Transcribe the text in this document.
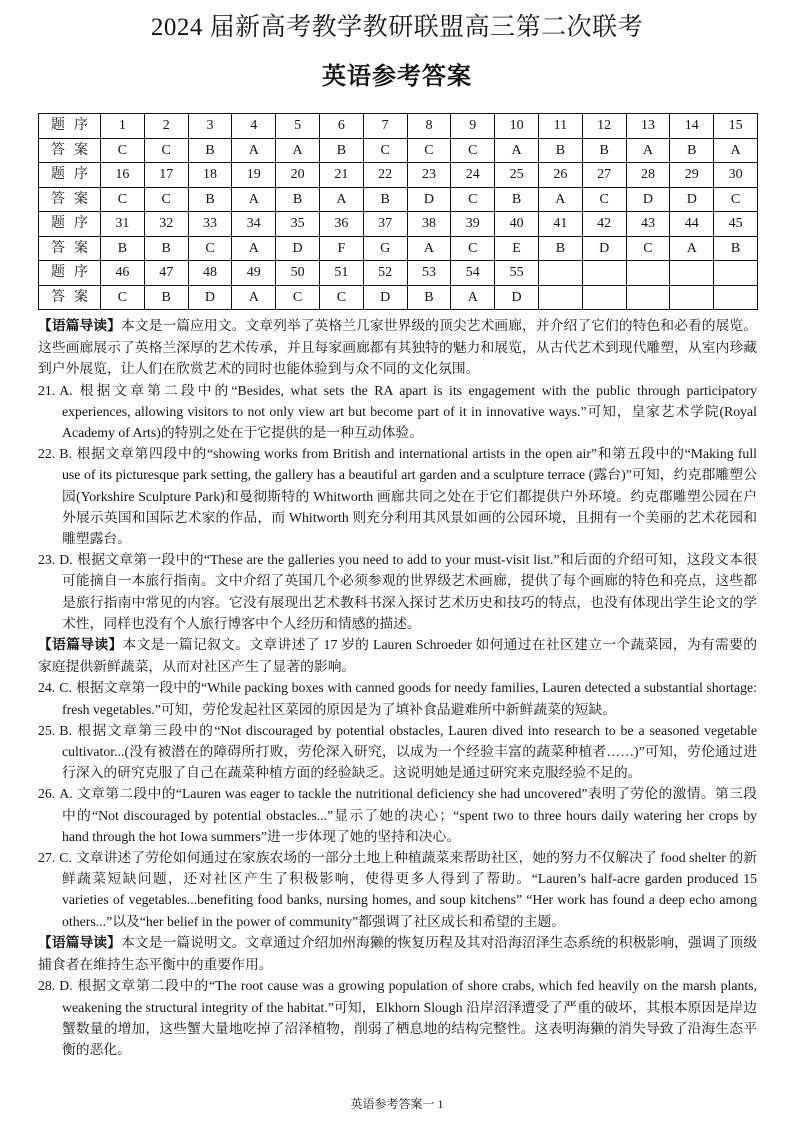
2024 届新高考教学教研联盟高三第二次联考
英语参考答案
题序	1	2	3	4	5	6	7	8	9	10	11	12	13	14	15
答案	C	C	B	A	A	B	C	C	C	A	B	B	A	B	A
题序	16	17	18	19	20	21	22	23	24	25	26	27	28	29	30
答案	C	C	B	A	B	A	B	D	C	B	A	C	D	D	C
题序	31	32	33	34	35	36	37	38	39	40	41	42	43	44	45
答案	B	B	C	A	D	F	G	A	C	E	B	D	C	A	B
题序	46	47	48	49	50	51	52	53	54	55					
答案	C	B	D	A	C	C	D	B	A	D					

【语篇导读】本文是一篇应用文。文章列举了英格兰几家世界级的顶尖艺术画廊，并介绍了它们的特色和必看的展览。这些画廊展示了英格兰深厚的艺术传承，并且每家画廊都有其独特的魅力和展览，从古代艺术到现代雕塑，从室内珍藏到户外展览，让人们在欣赏艺术的同时也能体验到与众不同的文化氛围。

21. A. 根据文章第二段中的“Besides, what sets the RA apart is its engagement with the public through participatory experiences, allowing visitors to not only view art but become part of it in innovative ways.”可知，皇家艺术学院(Royal Academy of Arts)的特别之处在于它提供的是一种互动体验。

22. B. 根据文章第四段中的“showing works from British and international artists in the open air”和第五段中的“Making full use of its picturesque park setting, the gallery has a beautiful art garden and a sculpture terrace (露台)”可知，约克郡雕塑公园(Yorkshire Sculpture Park)和曼彻斯特的 Whitworth 画廊共同之处在于它们都提供户外环境。约克郡雕塑公园在户外展示英国和国际艺术家的作品，而 Whitworth 则充分利用其风景如画的公园环境，且拥有一个美丽的艺术花园和雕塑露台。

23. D. 根据文章第一段中的“These are the galleries you need to add to your must-visit list.”和后面的介绍可知，这段文本很可能摘自一本旅行指南。文中介绍了英国几个必须参观的世界级艺术画廊，提供了每个画廊的特色和亮点，这些都是旅行指南中常见的内容。它没有展现出艺术教科书深入探讨艺术历史和技巧的特点，也没有体现出学生论文的学术性，同样也没有个人旅行博客中个人经历和情感的描述。

【语篇导读】本文是一篇记叙文。文章讲述了 17 岁的 Lauren Schroeder 如何通过在社区建立一个蔬菜园，为有需要的家庭提供新鲜蔬菜，从而对社区产生了显著的影响。

24. C. 根据文章第一段中的“While packing boxes with canned goods for needy families, Lauren detected a substantial shortage: fresh vegetables.”可知，劳伦发起社区菜园的原因是为了填补食品避难所中新鲜蔬菜的短缺。

25. B. 根据文章第三段中的“Not discouraged by potential obstacles, Lauren dived into research to be a seasoned vegetable cultivator...(没有被潜在的障碍所打败，劳伦深入研究，以成为一个经验丰富的蔬菜种植者……)”可知，劳伦通过进行深入的研究克服了自己在蔬菜种植方面的经验缺乏。这说明她是通过研究来克服经验不足的。

26. A. 文章第二段中的“Lauren was eager to tackle the nutritional deficiency she had uncovered”表明了劳伦的激情。第三段中的“Not discouraged by potential obstacles...”显示了她的决心；“spent two to three hours daily watering her crops by hand through the hot Iowa summers”进一步体现了她的坚持和决心。

27. C. 文章讲述了劳伦如何通过在家族农场的一部分土地上种植蔬菜来帮助社区，她的努力不仅解决了 food shelter 的新鲜蔬菜短缺问题，还对社区产生了积极影响，使得更多人得到了帮助。“Lauren’s half-acre garden produced 15 varieties of vegetables...benefiting food banks, nursing homes, and soup kitchens” “Her work has found a deep echo among others...”以及“her belief in the power of community”都强调了社区成长和希望的主题。

【语篇导读】本文是一篇说明文。文章通过介绍加州海獭的恢复历程及其对沿海沼泽生态系统的积极影响，强调了顶级捕食者在维持生态平衡中的重要作用。

28. D. 根据文章第二段中的“The root cause was a growing population of shore crabs, which fed heavily on the marsh plants, weakening the structural integrity of the habitat.”可知，Elkhorn Slough 沿岸沼泽遭受了严重的破坏，其根本原因是岸边蟹数量的增加，这些蟹大量地吃掉了沼泽植物，削弱了栖息地的结构完整性。这表明海獭的消失导致了沿海生态平衡的恶化。

英语参考答案一 1
